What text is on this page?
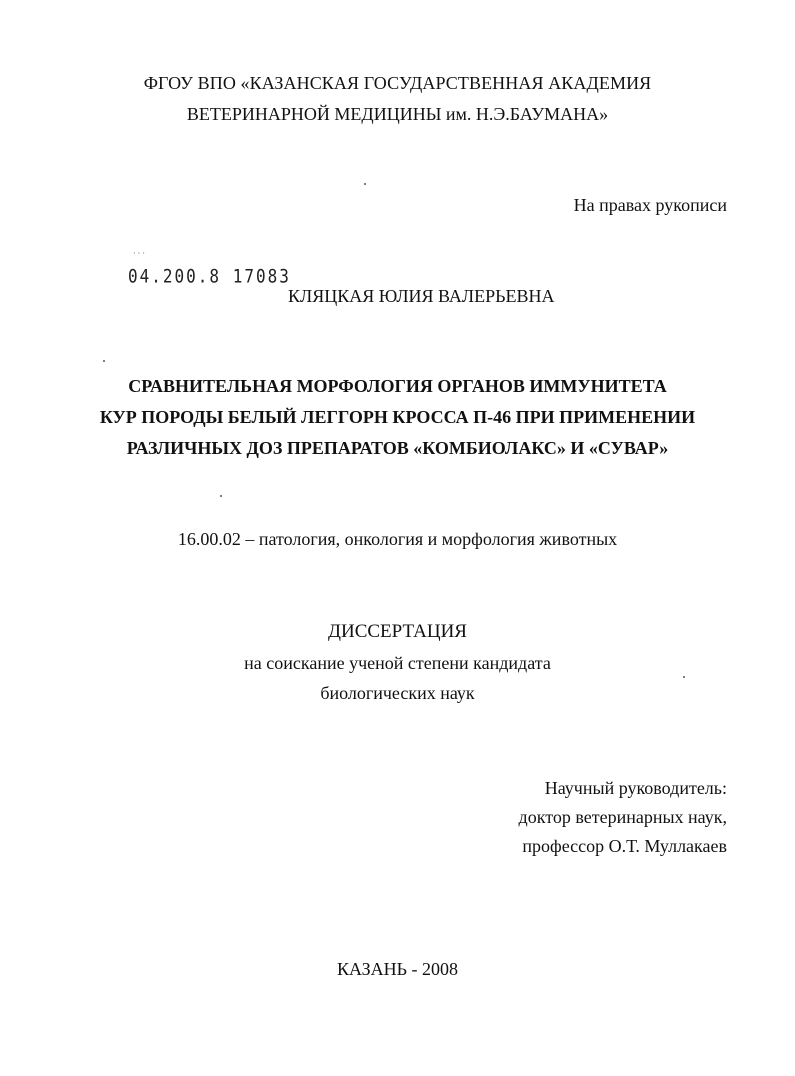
ФГОУ ВПО «КАЗАНСКАЯ ГОСУДАРСТВЕННАЯ АКАДЕМИЯ
ВЕТЕРИНАРНОЙ МЕДИЦИНЫ им. Н.Э.БАУМАНА»
На правах рукописи
· · ·
04.200.8 17083
КЛЯЦКАЯ ЮЛИЯ ВАЛЕРЬЕВНА
СРАВНИТЕЛЬНАЯ МОРФОЛОГИЯ ОРГАНОВ ИММУНИТЕТА
КУР ПОРОДЫ БЕЛЫЙ ЛЕГГОРН КРОССА П-46 ПРИ ПРИМЕНЕНИИ
РАЗЛИЧНЫХ ДОЗ ПРЕПАРАТОВ «КОМБИОЛАКС» И «СУВАР»
16.00.02 – патология, онкология и морфология животных
ДИССЕРТАЦИЯ
на соискание ученой степени кандидата
биологических наук
Научный руководитель:
доктор ветеринарных наук,
профессор О.Т. Муллакаев
КАЗАНЬ - 2008
